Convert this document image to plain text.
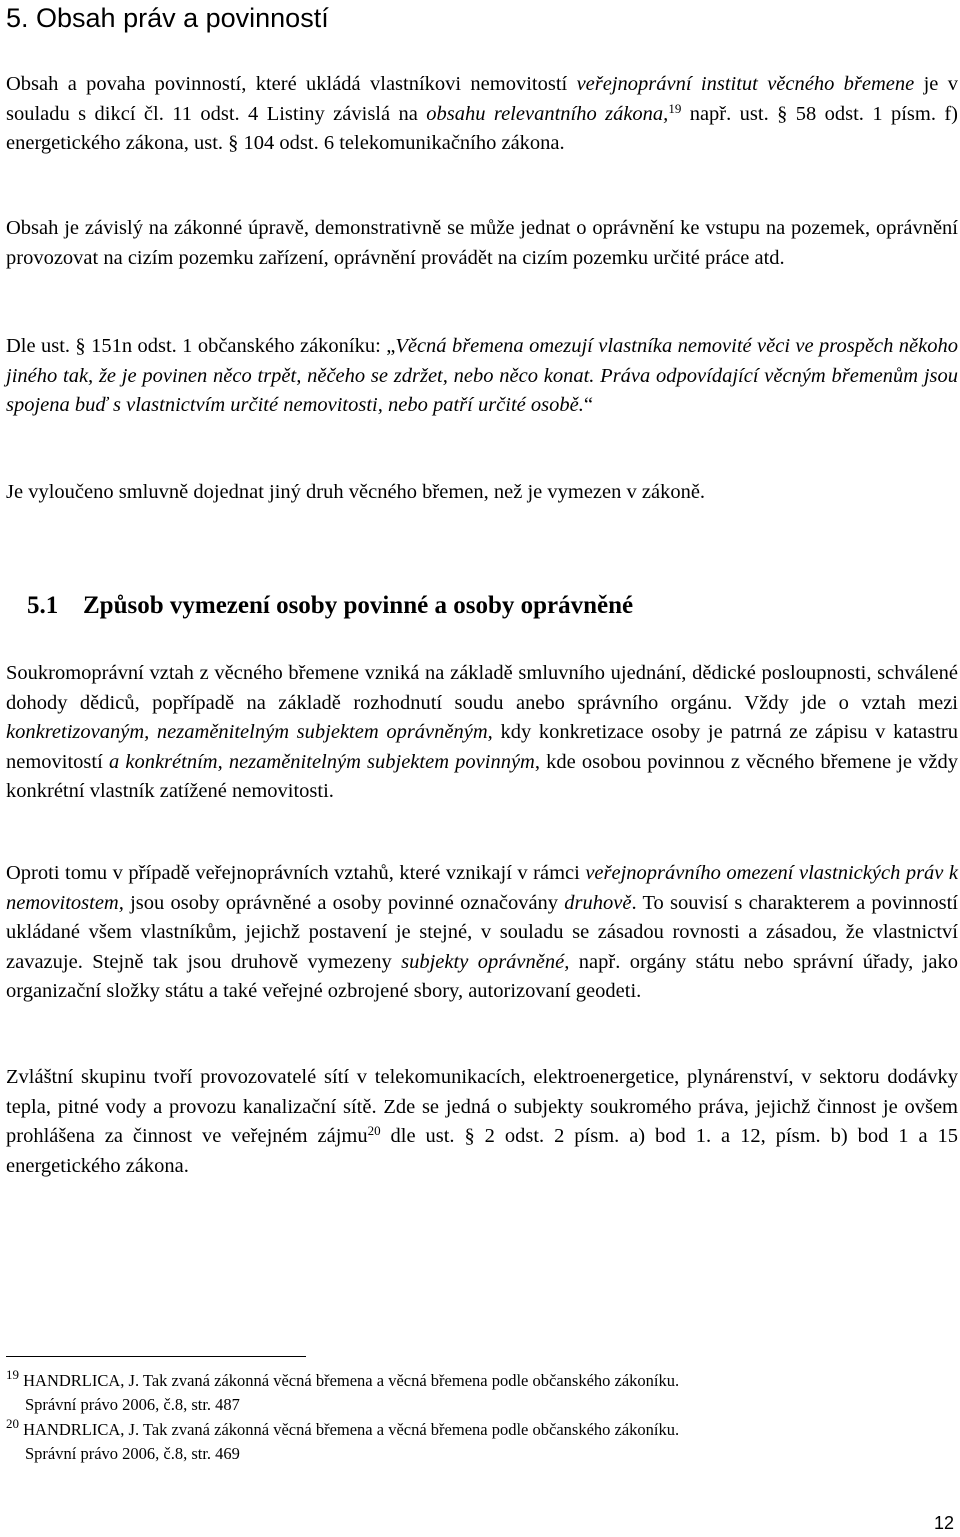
5. Obsah práv a povinností

Obsah a povaha povinností, které ukládá vlastníkovi nemovitostí veřejnoprávní institut věcného břemene je v souladu s dikcí čl. 11 odst. 4 Listiny závislá na obsahu relevantního zákona,$^{19}$ např. ust. § 58 odst. 1 písm. f) energetického zákona, ust. § 104 odst. 6 telekomunikačního zákona.

Obsah je závislý na zákonné úpravě, demonstrativně se může jednat o oprávnění ke vstupu na pozemek, oprávnění provozovat na cizím pozemku zařízení, oprávnění provádět na cizím pozemku určité práce atd.

Dle ust. § 151n odst. 1 občanského zákoníku: „Věcná břemena omezují vlastníka nemovité věci ve prospěch někoho jiného tak, že je povinen něco trpět, něčeho se zdržet, nebo něco konat. Práva odpovídající věcným břemenům jsou spojena buď s vlastnictvím určité nemovitosti, nebo patří určité osobě.“

Je vyloučeno smluvně dojednat jiný druh věcného břemen, než je vymezen v zákoně.

5.1 Způsob vymezení osoby povinné a osoby oprávněné

Soukromoprávní vztah z věcného břemene vzniká na základě smluvního ujednání, dědické posloupnosti, schválené dohody dědiců, popřípadě na základě rozhodnutí soudu anebo správního orgánu. Vždy jde o vztah mezi konkretizovaným, nezaměnitelným subjektem oprávněným, kdy konkretizace osoby je patrná ze zápisu v katastru nemovitostí a konkrétním, nezaměnitelným subjektem povinným, kde osobou povinnou z věcného břemene je vždy konkrétní vlastník zatížené nemovitosti.

Oproti tomu v případě veřejnoprávních vztahů, které vznikají v rámci veřejnoprávního omezení vlastnických práv k nemovitostem, jsou osoby oprávněné a osoby povinné označovány druhově. To souvisí s charakterem a povinností ukládané všem vlastníkům, jejichž postavení je stejné, v souladu se zásadou rovnosti a zásadou, že vlastnictví zavazuje. Stejně tak jsou druhově vymezeny subjekty oprávněné, např. orgány státu nebo správní úřady, jako organizační složky státu a také veřejné ozbrojené sbory, autorizovaní geodeti.

Zvláštní skupinu tvoří provozovatelé sítí v telekomunikacích, elektroenergetice, plynárenství, v sektoru dodávky tepla, pitné vody a provozu kanalizační sítě. Zde se jedná o subjekty soukromého práva, jejichž činnost je ovšem prohlášena za činnost ve veřejném zájmu$^{20}$ dle ust. § 2 odst. 2 písm. a) bod 1. a 12, písm. b) bod 1 a 15 energetického zákona.

$^{19}$ HANDRLICA, J. Tak zvaná zákonná věcná břemena a věcná břemena podle občanského zákoníku.
Správní právo 2006, č.8, str. 487
$^{20}$ HANDRLICA, J. Tak zvaná zákonná věcná břemena a věcná břemena podle občanského zákoníku.
Správní právo 2006, č.8, str. 469
12
